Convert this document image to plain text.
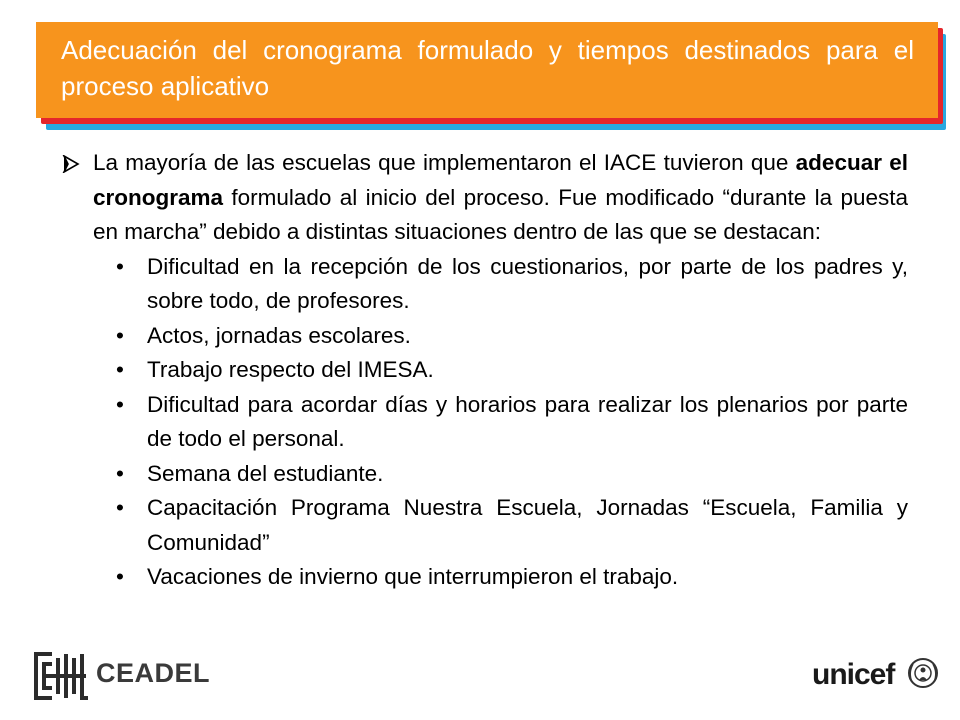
Adecuación del cronograma formulado y tiempos destinados para el proceso aplicativo
La mayoría de las escuelas que implementaron el IACE tuvieron que adecuar el cronograma formulado al inicio del proceso. Fue modificado “durante la puesta en marcha” debido a distintas situaciones dentro de las que se destacan:
• Dificultad en la recepción de los cuestionarios, por parte de los padres y, sobre todo, de profesores.
• Actos, jornadas escolares.
• Trabajo respecto del IMESA.
• Dificultad para acordar días y horarios para realizar los plenarios por parte de todo el personal.
• Semana del estudiante.
• Capacitación Programa Nuestra Escuela, Jornadas “Escuela, Familia y Comunidad”
• Vacaciones de invierno que interrumpieron el trabajo.
CEADEL	unicef
